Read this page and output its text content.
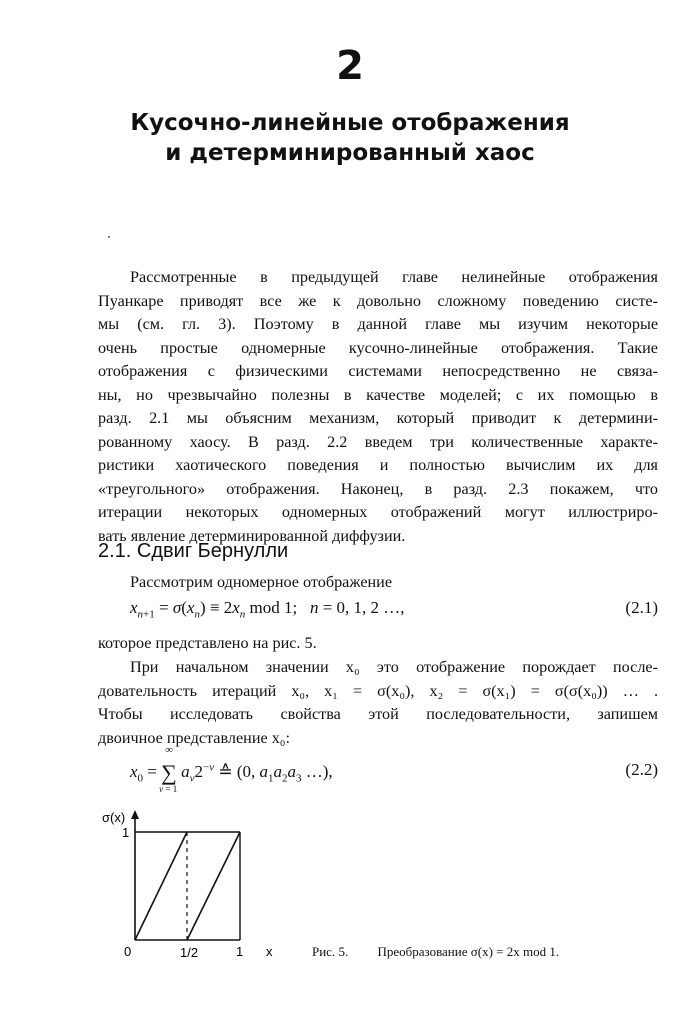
2
Кусочно-линейные отображения
и детерминированный хаос
Рассмотренные в предыдущей главе нелинейные отображения
Пуанкаре приводят все же к довольно сложному поведению систе-
мы (см. гл. 3). Поэтому в данной главе мы изучим некоторые
очень простые одномерные кусочно-линейные отображения. Такие
отображения с физическими системами непосредственно не связа-
ны, но чрезвычайно полезны в качестве моделей; с их помощью в
разд. 2.1 мы объясним механизм, который приводит к детермини-
рованному хаосу. В разд. 2.2 введем три количественные характе-
ристики хаотического поведения и полностью вычислим их для
«треугольного» отображения. Наконец, в разд. 2.3 покажем, что
итерации некоторых одномерных отображений могут иллюстриро-
вать явление детерминированной диффузии.
2.1. Сдвиг Бернулли
Рассмотрим одномерное отображение
$x_{n+1} = \sigma(x_n) \equiv 2x_n$ mod 1;   n = 0, 1, 2 …,	(2.1)
которое представлено на рис. 5.
При начальном значении x₀ это отображение порождает после-
довательность итераций x₀, x₁ = σ(x₀), x₂ = σ(x₁) = σ(σ(x₀)) … .
Чтобы исследовать свойства этой последовательности, запишем
двоичное представление x₀:
$x_0$ =
∞
∑
ν = 1
$a_\nu 2^{-\nu}$ ≙ (0, $a_1a_2a_3$ …),	(2.2)
σ(x)
1
0	1/2	1 x	Рис. 5. Преобразование σ(x) = 2x mod 1.
